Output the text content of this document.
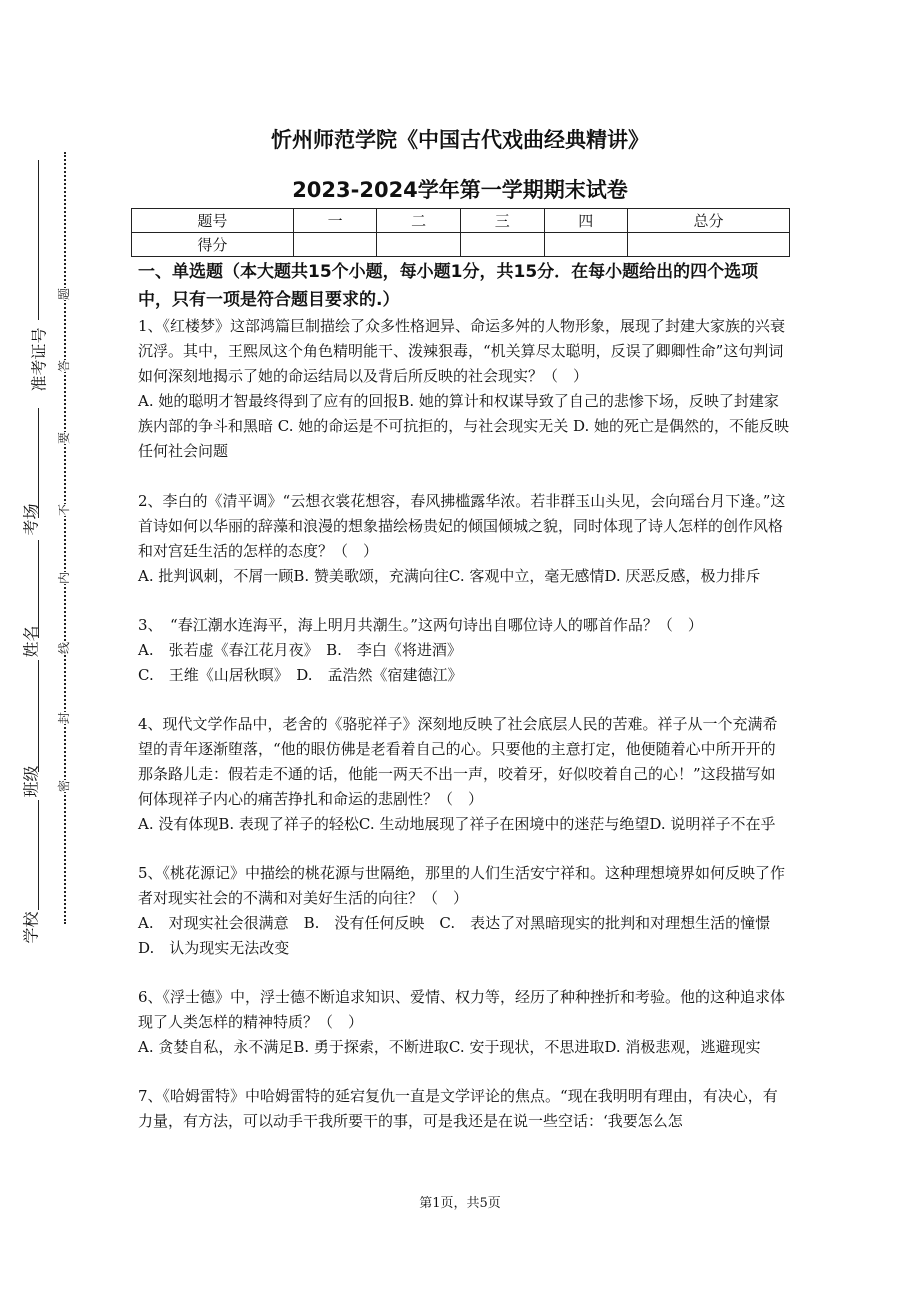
题
答
要
不
内
线
封
密
准考证号
考场
姓名
班级
学校
忻州师范学院《中国古代戏曲经典精讲》
2023-2024学年第一学期期末试卷
题号	一	二	三	四	总分
得分					
一、单选题（本大题共15个小题，每小题1分，共15分．在每小题给出的四个选项中，只有一项是符合题目要求的.）

1、《红楼梦》这部鸿篇巨制描绘了众多性格迥异、命运多舛的人物形象，展现了封建大家族的兴衰沉浮。其中，王熙凤这个角色精明能干、泼辣狠毒，“机关算尽太聪明，反误了卿卿性命”这句判词如何深刻地揭示了她的命运结局以及背后所反映的社会现实？（　）

A. 她的聪明才智最终得到了应有的回报B. 她的算计和权谋导致了自己的悲惨下场，反映了封建家族内部的争斗和黑暗 C. 她的命运是不可抗拒的，与社会现实无关 D. 她的死亡是偶然的，不能反映任何社会问题

2、李白的《清平调》“云想衣裳花想容，春风拂槛露华浓。若非群玉山头见，会向瑶台月下逢。”这首诗如何以华丽的辞藻和浪漫的想象描绘杨贵妃的倾国倾城之貌，同时体现了诗人怎样的创作风格和对宫廷生活的怎样的态度？（　）

A. 批判讽刺，不屑一顾B. 赞美歌颂，充满向往C. 客观中立，毫无感情D. 厌恶反感，极力排斥

3、　“春江潮水连海平，海上明月共潮生。”这两句诗出自哪位诗人的哪首作品？（　）

A.　张若虚《春江花月夜》　B.　李白《将进酒》

C.　王维《山居秋暝》　D.　孟浩然《宿建德江》

4、现代文学作品中，老舍的《骆驼祥子》深刻地反映了社会底层人民的苦难。祥子从一个充满希望的青年逐渐堕落，“他的眼仿佛是老看着自己的心。只要他的主意打定，他便随着心中所开开的那条路儿走：假若走不通的话，他能一两天不出一声，咬着牙，好似咬着自己的心！”这段描写如何体现祥子内心的痛苦挣扎和命运的悲剧性？（　）

A. 没有体现B. 表现了祥子的轻松C. 生动地展现了祥子在困境中的迷茫与绝望D. 说明祥子不在乎

5、《桃花源记》中描绘的桃花源与世隔绝，那里的人们生活安宁祥和。这种理想境界如何反映了作者对现实社会的不满和对美好生活的向往？（　）

A.　对现实社会很满意　B.　没有任何反映　C.　表达了对黑暗现实的批判和对理想生活的憧憬　D.　认为现实无法改变

6、《浮士德》中，浮士德不断追求知识、爱情、权力等，经历了种种挫折和考验。他的这种追求体现了人类怎样的精神特质？（　）

A. 贪婪自私，永不满足B. 勇于探索，不断进取C. 安于现状，不思进取D. 消极悲观，逃避现实

7、《哈姆雷特》中哈姆雷特的延宕复仇一直是文学评论的焦点。“现在我明明有理由，有决心，有力量，有方法，可以动手干我所要干的事，可是我还是在说一些空话：‘我要怎么怎

第1页，共5页
